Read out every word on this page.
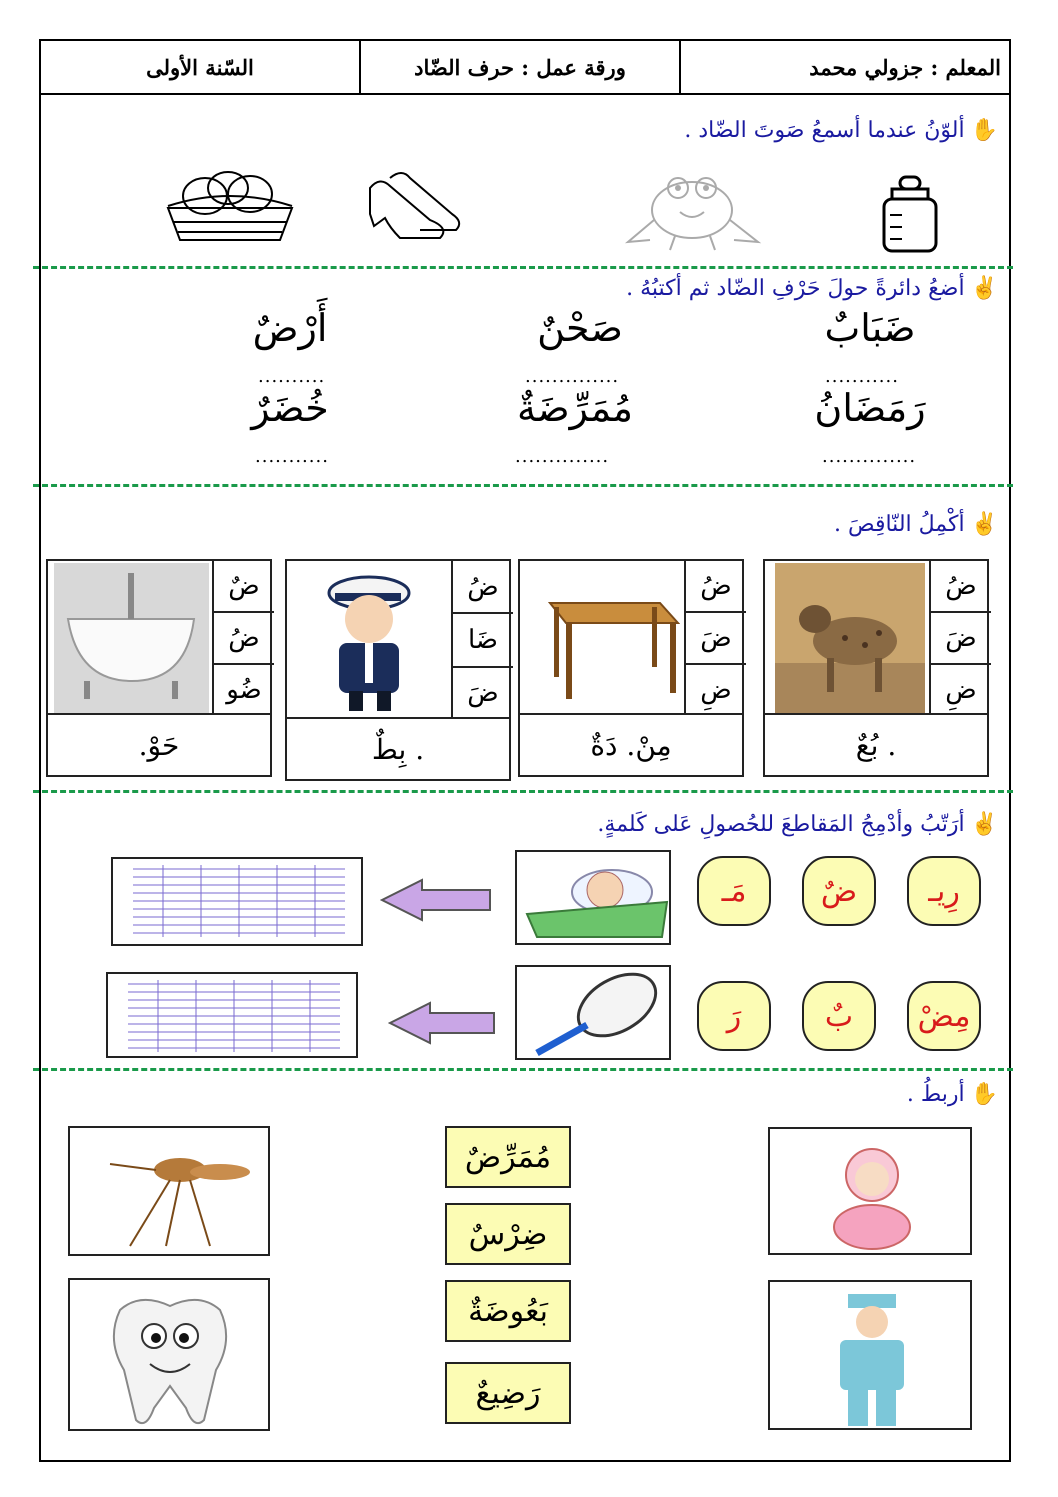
المعلم : جزولي محمد
ورقة عمل : حرف الضّاد
السّنة الأولى
✋
ألوّنُ عندما أسمعُ صَوتَ الضّاد .
✌
أضعُ دائرةً حولَ حَرْفِ الضّاد ثم أكتبُهُ .
ضَبَابٌ
صَحْنٌ
أَرْضٌ
...........
..............
..........
رَمَضَانُ
مُمَرِّضَةٌ
خُضَرٌ
..............
..............
...........
✌
أكْمِلُ النّاقِصَ .
ضُ
ضَ
ضِ
. بُعٌ
ضُ
ضَ
ضِ
مِنْ. دَةٌ
ضُ
ضَا
ضَ
. بِطٌ
ضٌ
ضُ
ضُو
حَوْ.
✌
أرَتّبُ وأدْمِجُ المَقاطعَ للحُصولِ عَلى كَلمةٍ.
رِيـ
ضٌ
مَـ
مِضْ
بٌ
رَ
✋
أربطُ .
مُمَرِّضٌ
ضِرْسٌ
بَعُوضَةٌ
رَضِيعٌ
